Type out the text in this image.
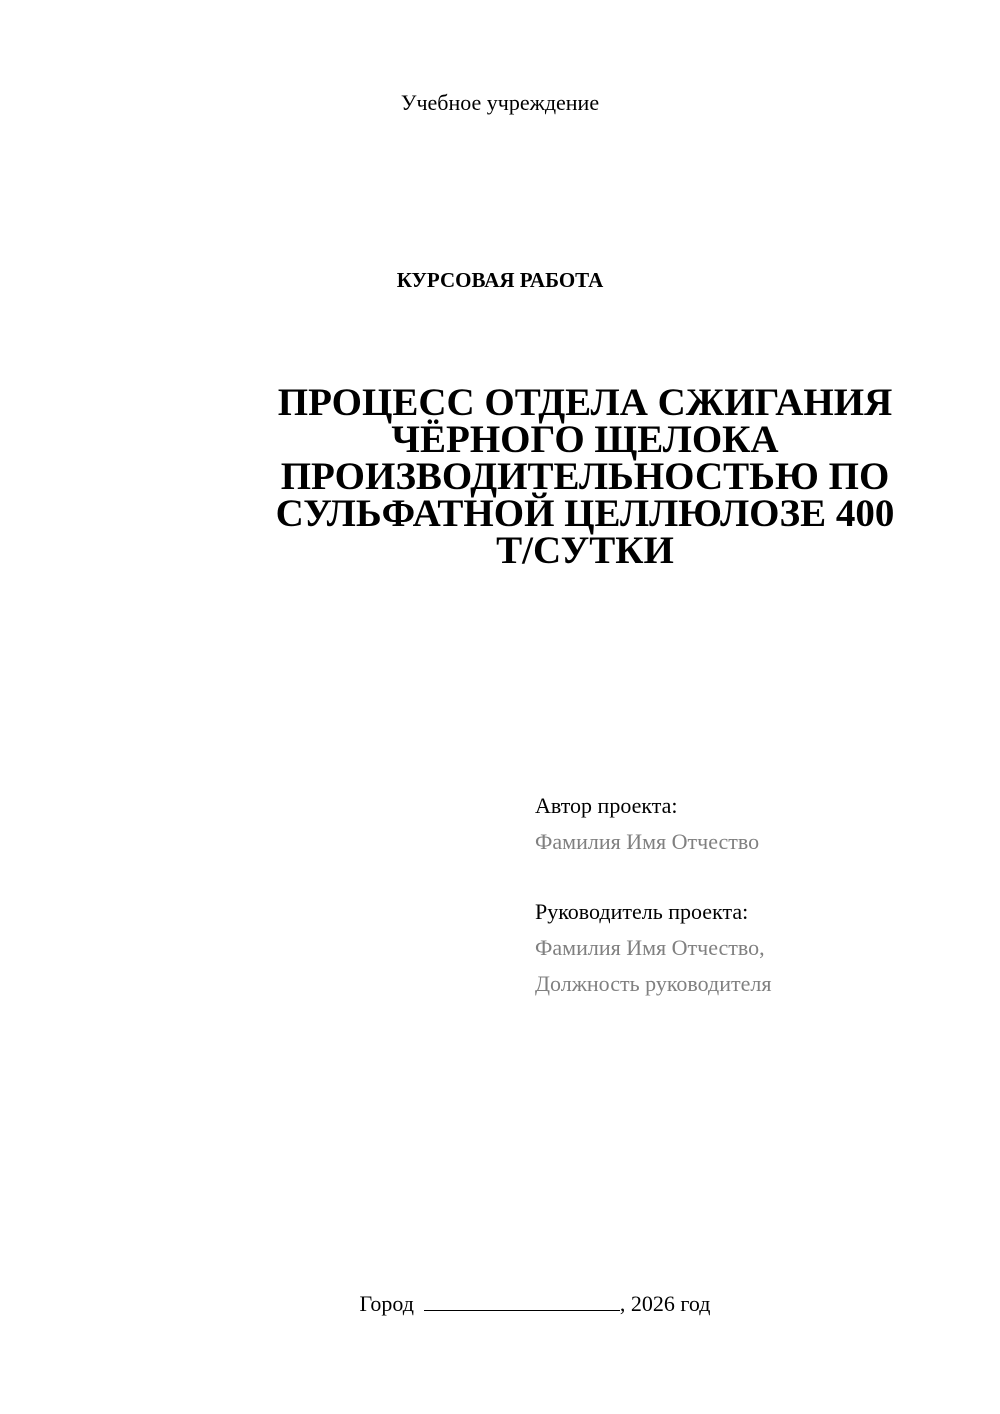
Учебное учреждение
КУРСОВАЯ РАБОТА
ПРОЦЕСС ОТДЕЛА СЖИГАНИЯ
ЧЁРНОГО ЩЕЛОКА
ПРОИЗВОДИТЕЛЬНОСТЬЮ ПО
СУЛЬФАТНОЙ ЦЕЛЛЮЛОЗЕ 400
Т/СУТКИ
Автор проекта:
Фамилия Имя Отчество
Руководитель проекта:
Фамилия Имя Отчество,
Должность руководителя
Город	, 2026 год
